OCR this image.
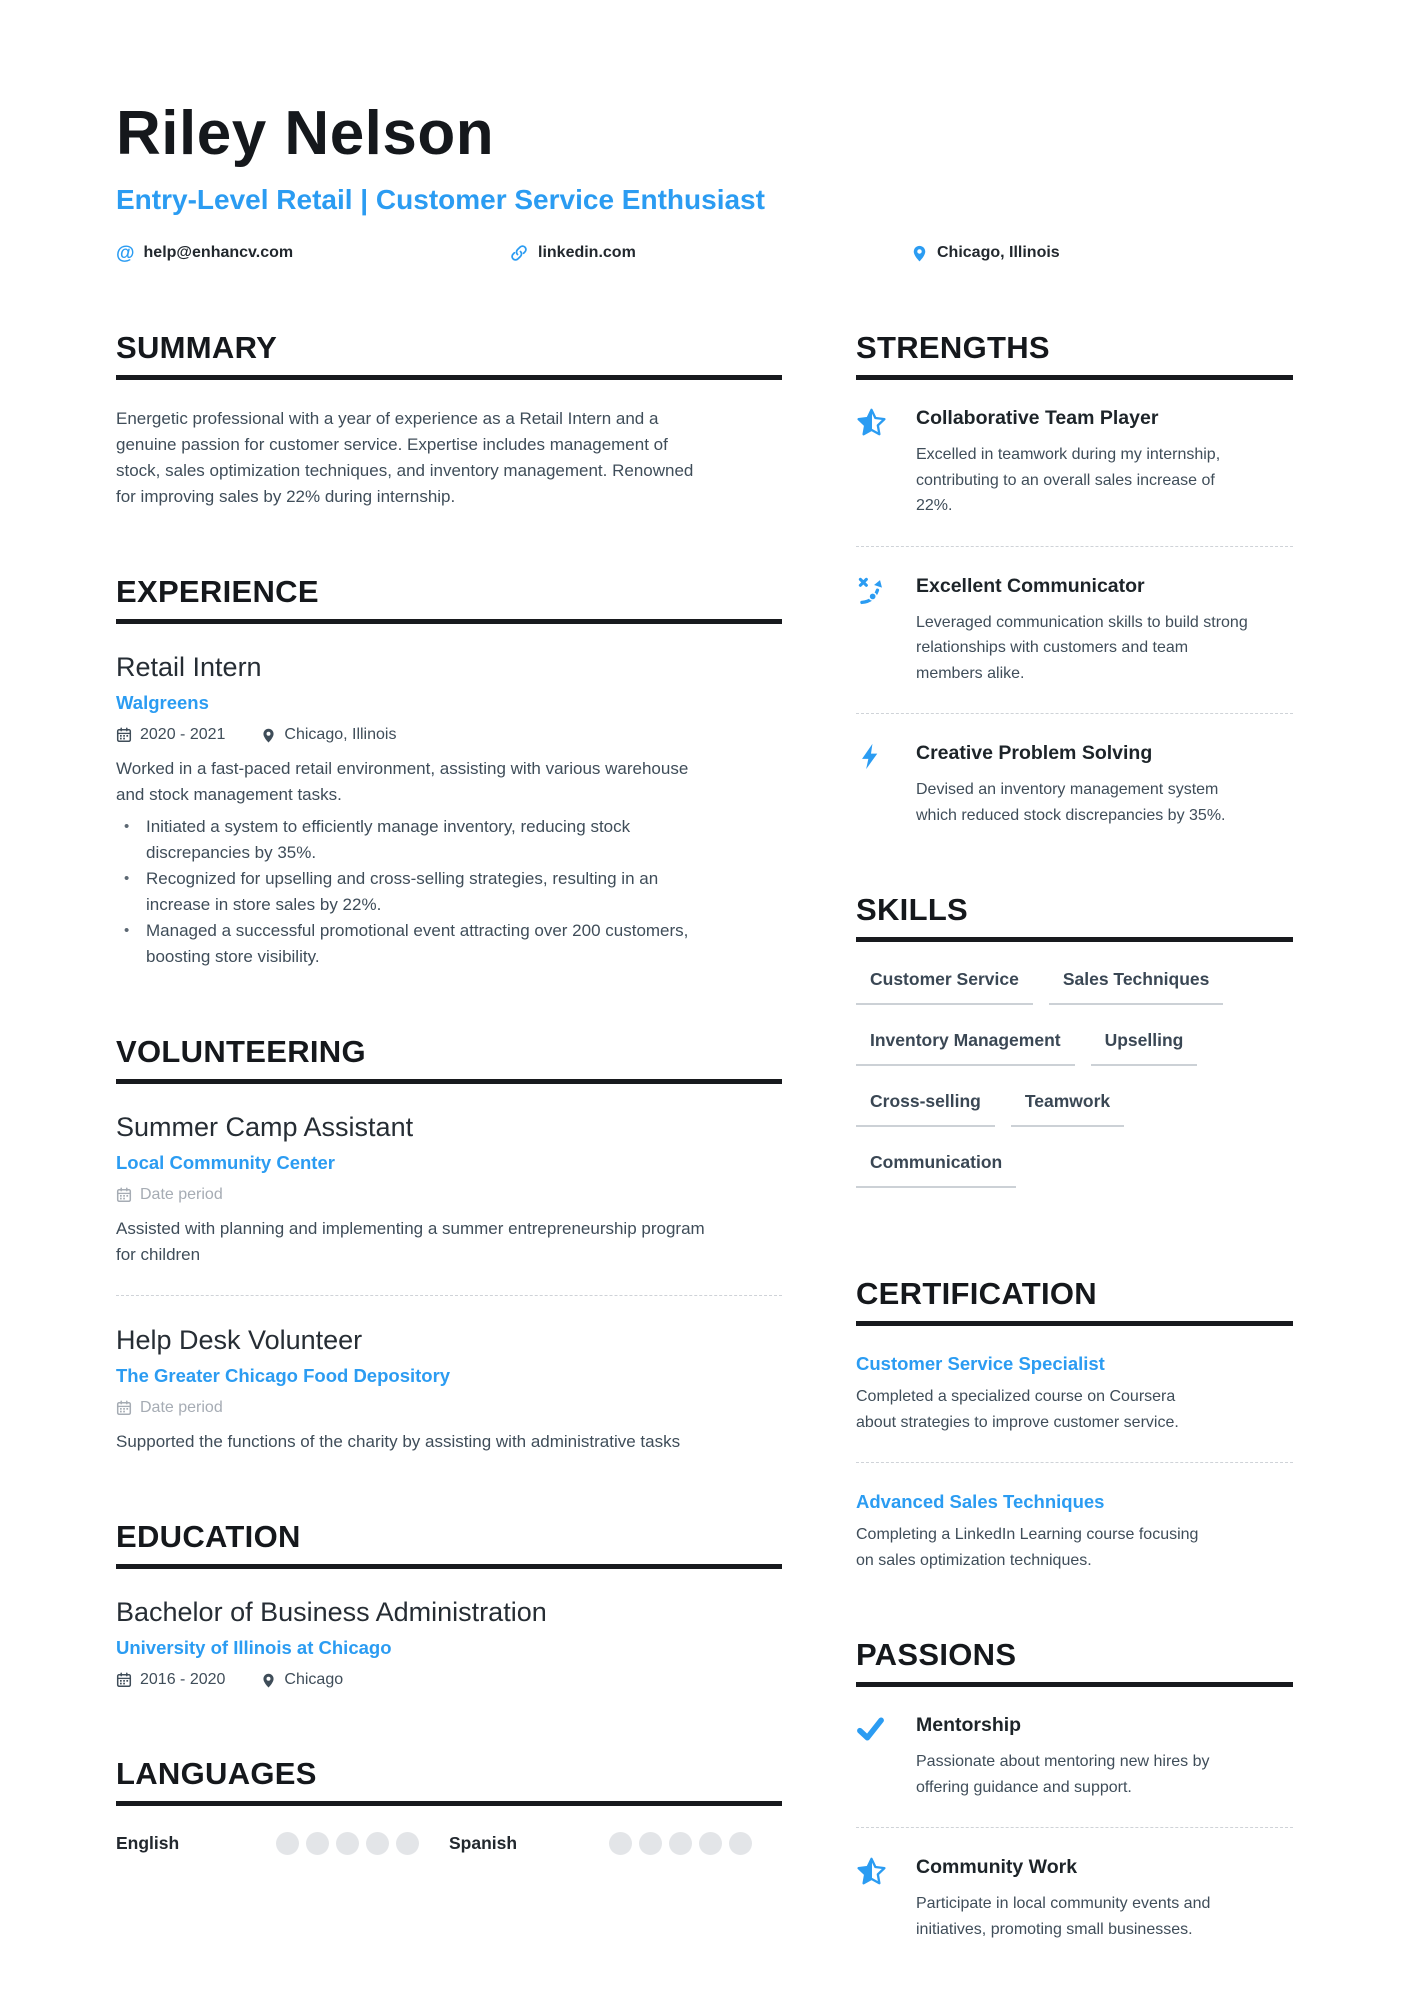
Riley Nelson
Entry-Level Retail | Customer Service Enthusiast
@ help@enhancv.com	linkedin.com	Chicago, Illinois
SUMMARY

Energetic professional with a year of experience as a Retail Intern and a genuine passion for customer service. Expertise includes management of stock, sales optimization techniques, and inventory management. Renowned for improving sales by 22% during internship.

EXPERIENCE
Retail Intern
Walgreens
2020 - 2021	Chicago, Illinois

Worked in a fast-paced retail environment, assisting with various warehouse and stock management tasks.

• Initiated a system to efficiently manage inventory, reducing stock discrepancies by 35%.
• Recognized for upselling and cross-selling strategies, resulting in an increase in store sales by 22%.
• Managed a successful promotional event attracting over 200 customers, boosting store visibility.
VOLUNTEERING
Summer Camp Assistant
Local Community Center
Date period

Assisted with planning and implementing a summer entrepreneurship program for children

Help Desk Volunteer
The Greater Chicago Food Depository
Date period

Supported the functions of the charity by assisting with administrative tasks

EDUCATION
Bachelor of Business Administration
University of Illinois at Chicago
2016 - 2020	Chicago
LANGUAGES
English	Spanish
STRENGTHS
Collaborative Team Player

Excelled in teamwork during my internship, contributing to an overall sales increase of 22%.

Excellent Communicator

Leveraged communication skills to build strong relationships with customers and team members alike.

Creative Problem Solving

Devised an inventory management system which reduced stock discrepancies by 35%.

SKILLS
Customer Service	Sales Techniques
Inventory Management	Upselling
Cross-selling	Teamwork
Communication
CERTIFICATION
Customer Service Specialist

Completed a specialized course on Coursera about strategies to improve customer service.

Advanced Sales Techniques

Completing a LinkedIn Learning course focusing on sales optimization techniques.

PASSIONS
Mentorship

Passionate about mentoring new hires by offering guidance and support.

Community Work

Participate in local community events and initiatives, promoting small businesses.
